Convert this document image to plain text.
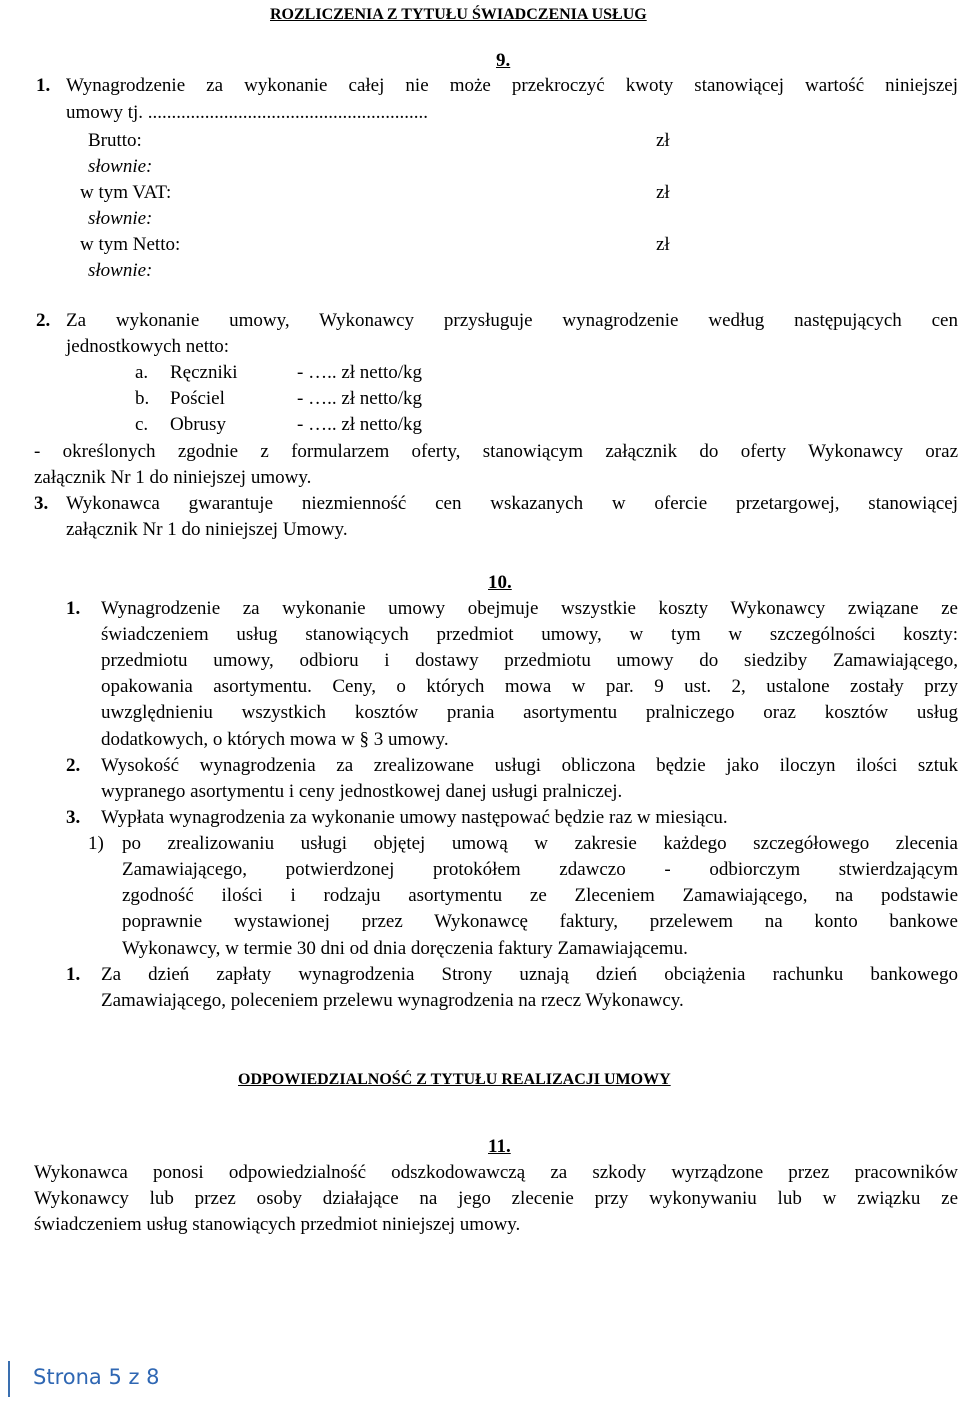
ROZLICZENIA Z TYTUŁU ŚWIADCZENIA USŁUG
9.
1. Wynagrodzenie za wykonanie całej nie może przekroczyć kwoty stanowiącej wartość niniejszej
umowy tj. ...........................................................
Brutto:	zł
słownie:
w tym VAT:	zł
słownie:
w tym Netto:	zł
słownie:
2. Za wykonanie umowy, Wykonawcy przysługuje wynagrodzenie według następujących cen
jednostkowych netto:
a. Ręczniki	- ….. zł netto/kg
b. Pościel	- ….. zł netto/kg
c. Obrusy	- ….. zł netto/kg
- określonych zgodnie z formularzem oferty, stanowiącym załącznik do oferty Wykonawcy oraz
załącznik Nr 1 do niniejszej umowy.
3. Wykonawca gwarantuje niezmienność cen wskazanych w ofercie przetargowej, stanowiącej
załącznik Nr 1 do niniejszej Umowy.
10.
1. Wynagrodzenie za wykonanie umowy obejmuje wszystkie koszty Wykonawcy związane ze
świadczeniem usług stanowiących przedmiot umowy, w tym w szczególności koszty:
przedmiotu umowy, odbioru i dostawy przedmiotu umowy do siedziby Zamawiającego,
opakowania asortymentu. Ceny, o których mowa w par. 9 ust. 2, ustalone zostały przy
uwzględnieniu wszystkich kosztów prania asortymentu pralniczego oraz kosztów usług
dodatkowych, o których mowa w § 3 umowy.
2. Wysokość wynagrodzenia za zrealizowane usługi obliczona będzie jako iloczyn ilości sztuk
wypranego asortymentu i ceny jednostkowej danej usługi pralniczej.
3. Wypłata wynagrodzenia za wykonanie umowy następować będzie raz w miesiącu.
1) po zrealizowaniu usługi objętej umową w zakresie każdego szczegółowego zlecenia
Zamawiającego, potwierdzonej protokółem zdawczo - odbiorczym stwierdzającym
zgodność ilości i rodzaju asortymentu ze Zleceniem Zamawiającego, na podstawie
poprawnie wystawionej przez Wykonawcę faktury, przelewem na konto bankowe
Wykonawcy, w termie 30 dni od dnia doręczenia faktury Zamawiającemu.
1. Za dzień zapłaty wynagrodzenia Strony uznają dzień obciążenia rachunku bankowego
Zamawiającego, poleceniem przelewu wynagrodzenia na rzecz Wykonawcy.
ODPOWIEDZIALNOŚĆ Z TYTUŁU REALIZACJI UMOWY
11.
Wykonawca ponosi odpowiedzialność odszkodowawczą za szkody wyrządzone przez pracowników
Wykonawcy lub przez osoby działające na jego zlecenie przy wykonywaniu lub w związku ze
świadczeniem usług stanowiących przedmiot niniejszej umowy.
Strona 5 z 8
